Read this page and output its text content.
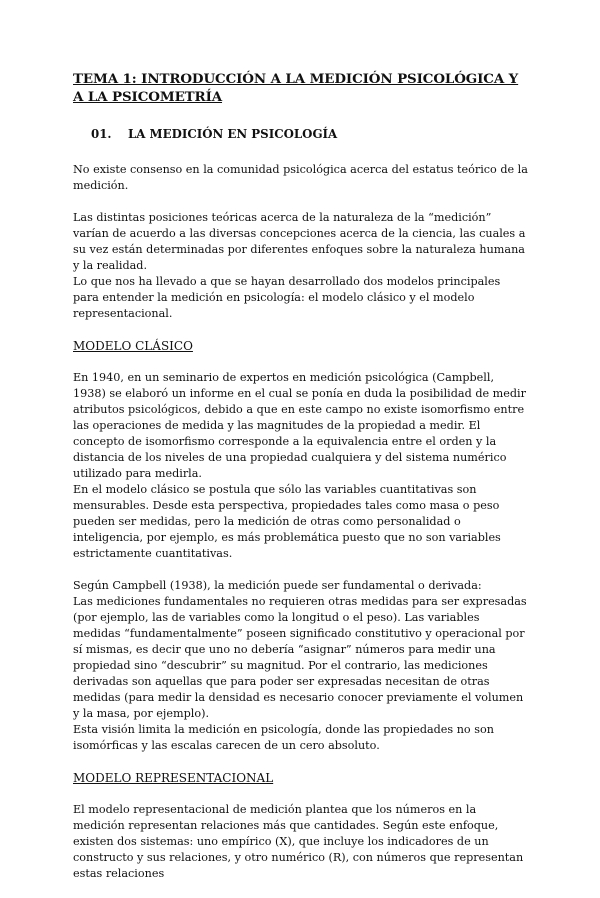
TEMA 1: INTRODUCCIÓN A LA MEDICIÓN PSICOLÓGICA Y A LA PSICOMETRÍA
01. LA MEDICIÓN EN PSICOLOGÍA

No existe consenso en la comunidad psicológica acerca del estatus teórico de la medición.

Las distintas posiciones teóricas acerca de la naturaleza de la “medición” varían de acuerdo a las diversas concepciones acerca de la ciencia, las cuales a su vez están determinadas por diferentes enfoques sobre la naturaleza humana y la realidad.
Lo que nos ha llevado a que se hayan desarrollado dos modelos principales para entender la medición en psicología: el modelo clásico y el modelo representacional.

MODELO CLÁSICO

En 1940, en un seminario de expertos en medición psicológica (Campbell, 1938) se elaboró un informe en el cual se ponía en duda la posibilidad de medir atributos psicológicos, debido a que en este campo no existe isomorfismo entre las operaciones de medida y las magnitudes de la propiedad a medir. El concepto de isomorfismo corresponde a la equivalencia entre el orden y la distancia de los niveles de una propiedad cualquiera y del sistema numérico utilizado para medirla.
En el modelo clásico se postula que sólo las variables cuantitativas son mensurables. Desde esta perspectiva, propiedades tales como masa o peso pueden ser medidas, pero la medición de otras como personalidad o inteligencia, por ejemplo, es más problemática puesto que no son variables estrictamente cuantitativas.

Según Campbell (1938), la medición puede ser fundamental o derivada:
Las mediciones fundamentales no requieren otras medidas para ser expresadas (por ejemplo, las de variables como la longitud o el peso). Las variables medidas “fundamentalmente” poseen significado constitutivo y operacional por sí mismas, es decir que uno no debería “asignar” números para medir una propiedad sino “descubrir” su magnitud. Por el contrario, las mediciones derivadas son aquellas que para poder ser expresadas necesitan de otras medidas (para medir la densidad es necesario conocer previamente el volumen y la masa, por ejemplo).
Esta visión limita la medición en psicología, donde las propiedades no son isomórficas y las escalas carecen de un cero absoluto.

MODELO REPRESENTACIONAL

El modelo representacional de medición plantea que los números en la medición representan relaciones más que cantidades. Según este enfoque, existen dos sistemas: uno empírico (X), que incluye los indicadores de un constructo y sus relaciones, y otro numérico (R), con números que representan estas relaciones
